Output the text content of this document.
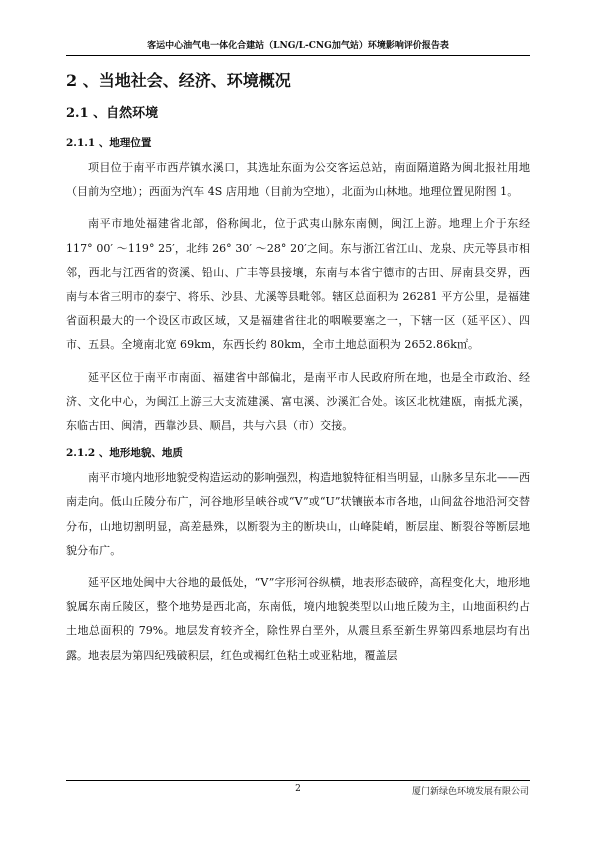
客运中心油气电一体化合建站（LNG/L-CNG加气站）环境影响评价报告表
2 、当地社会、经济、环境概况
2.1 、自然环境
2.1.1 、地理位置

项目位于南平市西芹镇水溪口，其选址东面为公交客运总站，南面隔道路为闽北报社用地（目前为空地）；西面为汽车 4S 店用地（目前为空地），北面为山林地。地理位置见附图 1。

南平市地处福建省北部，俗称闽北，位于武夷山脉东南侧，闽江上游。地理上介于东经 117° 00′ ～119° 25′，北纬 26° 30′ ～28° 20′之间。东与浙江省江山、龙泉、庆元等县市相邻，西北与江西省的资溪、铅山、广丰等县接壤，东南与本省宁德市的古田、屏南县交界，西南与本省三明市的泰宁、将乐、沙县、尤溪等县毗邻。辖区总面积为 26281 平方公里，是福建省面积最大的一个设区市政区域，又是福建省往北的咽喉要塞之一，下辖一区（延平区）、四市、五县。全境南北宽 69km，东西长约 80km，全市土地总面积为 2652.86k㎡。

延平区位于南平市南面、福建省中部偏北，是南平市人民政府所在地，也是全市政治、经济、文化中心，为闽江上游三大支流建溪、富屯溪、沙溪汇合处。该区北枕建瓯，南抵尤溪，东临古田、闽清，西靠沙县、顺昌，共与六县（市）交接。

2.1.2 、地形地貌、地质

南平市境内地形地貌受构造运动的影响强烈，构造地貌特征相当明显，山脉多呈东北——西南走向。低山丘陵分布广，河谷地形呈峡谷或“V”或“U”状镶嵌本市各地，山间盆谷地沿河交替分布，山地切割明显，高差悬殊，以断裂为主的断块山，山峰陡峭，断层崖、断裂谷等断层地貌分布广。

延平区地处闽中大谷地的最低处，“V”字形河谷纵横，地表形态破碎，高程变化大，地形地貌属东南丘陵区，整个地势是西北高，东南低，境内地貌类型以山地丘陵为主，山地面积约占土地总面积的 79%。地层发育较齐全，除性界白垩外，从震旦系至新生界第四系地层均有出露。地表层为第四纪残破积层，红色或褐红色粘土或亚粘地，覆盖层

2	厦门新绿色环境发展有限公司
